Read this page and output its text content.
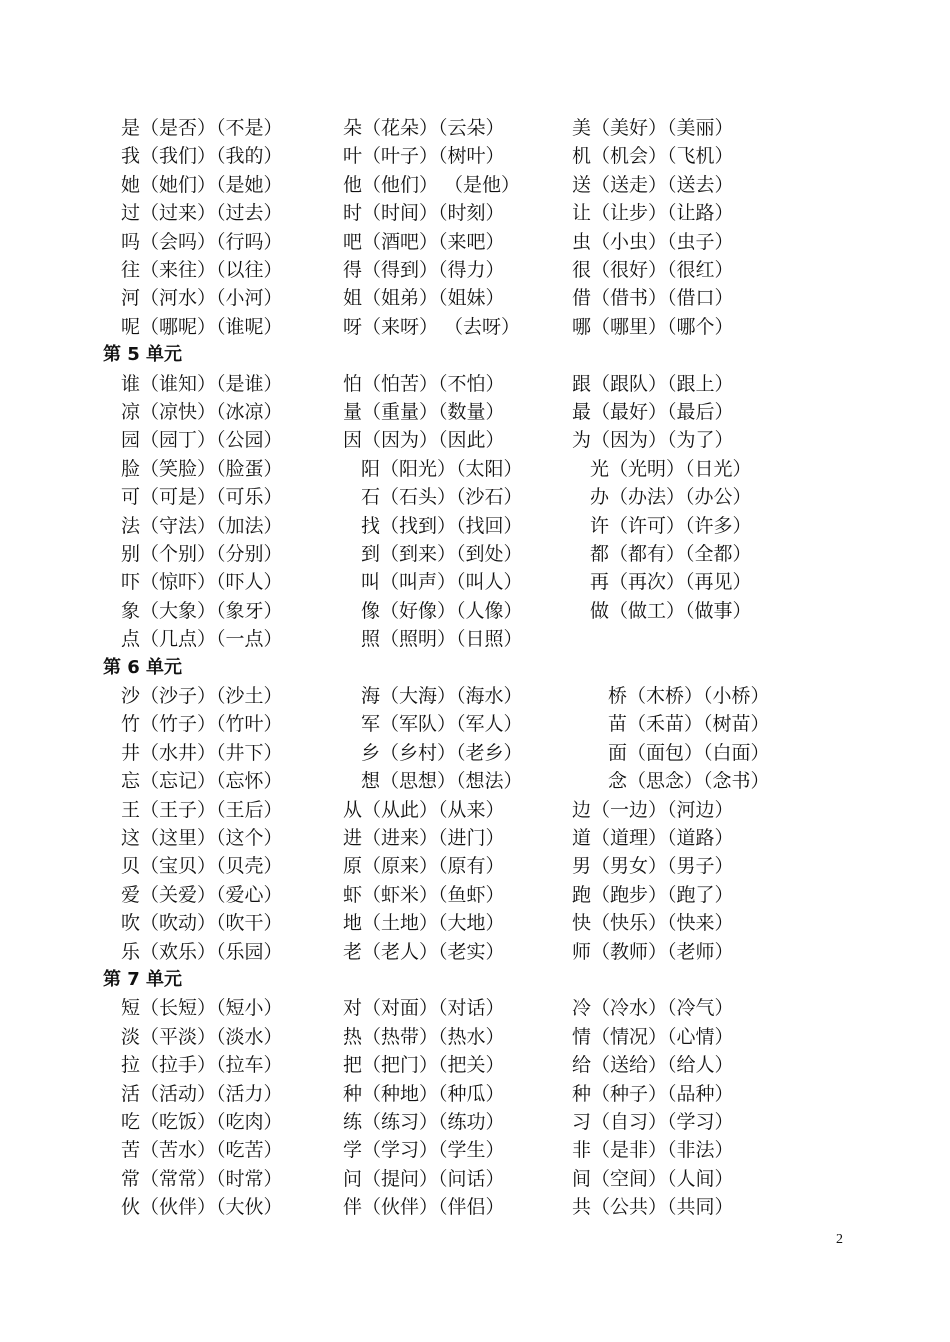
是（是否）（不是）	朵（花朵）（云朵）	美（美好）（美丽）
我（我们）（我的）	叶（叶子）（树叶）	机（机会）（飞机）
她（她们）（是她）	他（他们） （是他）	送（送走）（送去）
过（过来）（过去）	时（时间）（时刻）	让（让步）（让路）
吗（会吗）（行吗）	吧（酒吧）（来吧）	虫（小虫）（虫子）
往（来往）（以往）	得（得到）（得力）	很（很好）（很红）
河（河水）（小河）	姐（姐弟）（姐妹）	借（借书）（借口）
呢（哪呢）（谁呢）	呀（来呀） （去呀）	哪（哪里）（哪个）
第 5 单元
谁（谁知）（是谁）	怕（怕苦）（不怕）	跟（跟队）（跟上）
凉（凉快）（冰凉）	量（重量）（数量）	最（最好）（最后）
园（园丁）（公园）	因（因为）（因此）	为（因为）（为了）
脸（笑脸）（脸蛋）	阳（阳光）（太阳）	光（光明）（日光）
可（可是）（可乐）	石（石头）（沙石）	办（办法）（办公）
法（守法）（加法）	找（找到）（找回）	许（许可）（许多）
别（个别）（分别）	到（到来）（到处）	都（都有）（全都）
吓（惊吓）（吓人）	叫（叫声）（叫人）	再（再次）（再见）
象（大象）（象牙）	像（好像）（人像）	做（做工）（做事）
点（几点）（一点）	照（照明）（日照）
第 6 单元
沙（沙子）（沙土）	海（大海）（海水）	桥（木桥）（小桥）
竹（竹子）（竹叶）	军（军队）（军人）	苗（禾苗）（树苗）
井（水井）（井下）	乡（乡村）（老乡）	面（面包）（白面）
忘（忘记）（忘怀）	想（思想）（想法）	念（思念）（念书）
王（王子）（王后）	从（从此）（从来）	边（一边）（河边）
这（这里）（这个）	进（进来）（进门）	道（道理）（道路）
贝（宝贝）（贝壳）	原（原来）（原有）	男（男女）（男子）
爱（关爱）（爱心）	虾（虾米）（鱼虾）	跑（跑步）（跑了）
吹（吹动）（吹干）	地（土地）（大地）	快（快乐）（快来）
乐（欢乐）（乐园）	老（老人）（老实）	师（教师）（老师）
第 7 单元
短（长短）（短小）	对（对面）（对话）	冷（冷水）（冷气）
淡（平淡）（淡水）	热（热带）（热水）	情（情况）（心情）
拉（拉手）（拉车）	把（把门）（把关）	给（送给）（给人）
活（活动）（活力）	种（种地）（种瓜）	种（种子）（品种）
吃（吃饭）（吃肉）	练（练习）（练功）	习（自习）（学习）
苦（苦水）（吃苦）	学（学习）（学生）	非（是非）（非法）
常（常常）（时常）	问（提问）（问话）	间（空间）（人间）
伙（伙伴）（大伙）	伴（伙伴）（伴侣）	共（公共）（共同）
2
